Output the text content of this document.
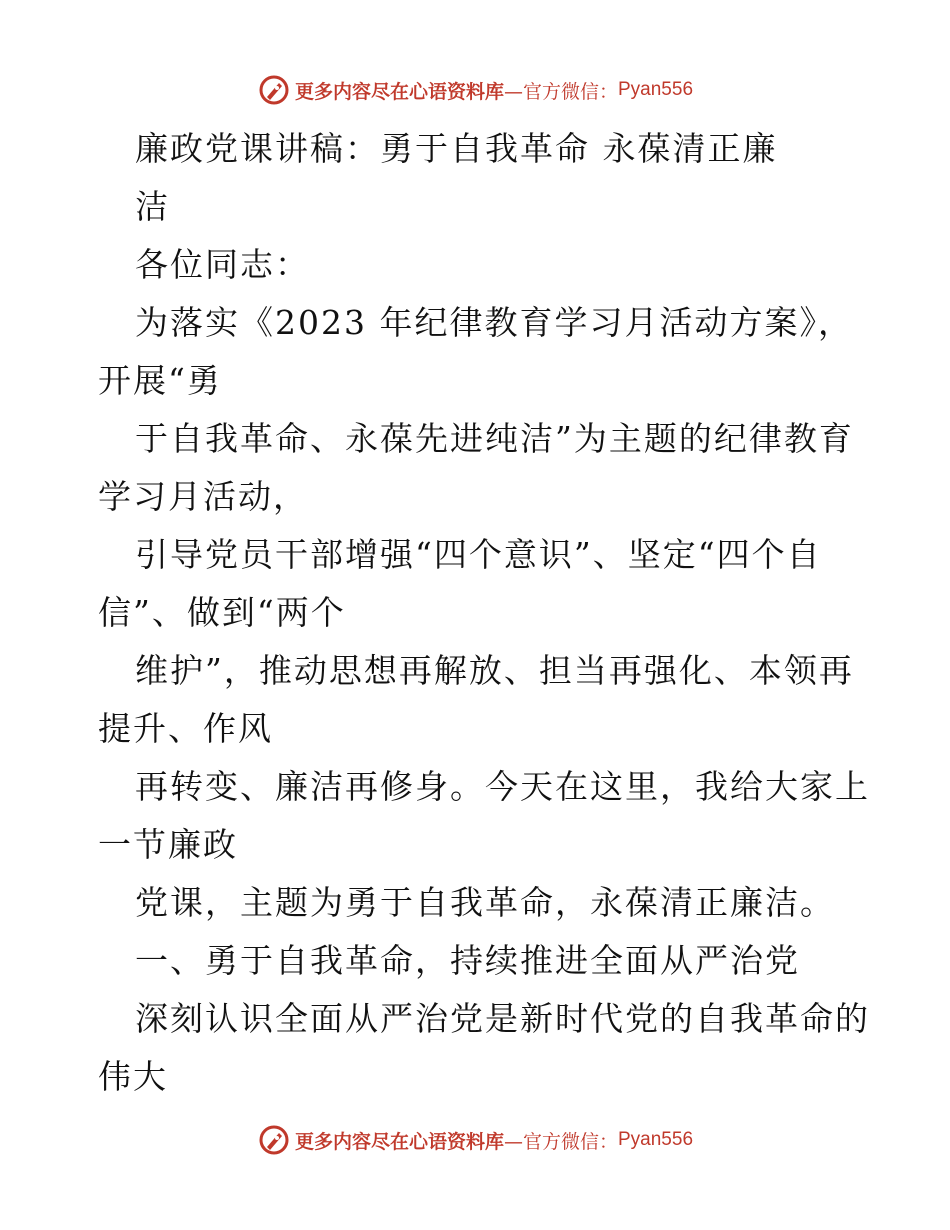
更多内容尽在心语资料库 —官方微信： Pyan556
廉政党课讲稿：勇于自我革命 永葆清正廉
洁
各位同志：
为落实《2023 年纪律教育学习月活动方案》，
开展“勇
于自我革命、永葆先进纯洁”为主题的纪律教育
学习月活动，
引导党员干部增强“四个意识”、坚定“四个自
信”、做到“两个
维护”，推动思想再解放、担当再强化、本领再
提升、作风
再转变、廉洁再修身。今天在这里，我给大家上
一节廉政
党课，主题为勇于自我革命，永葆清正廉洁。
一、勇于自我革命，持续推进全面从严治党
深刻认识全面从严治党是新时代党的自我革命的
伟大
更多内容尽在心语资料库 —官方微信： Pyan556
